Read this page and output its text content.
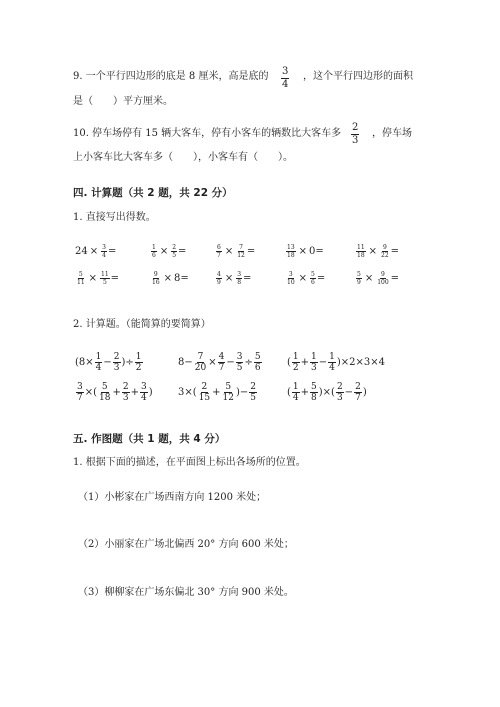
9. 一个平行四边形的底是 8 厘米，高是底的 $\frac{3}{4}$ ，这个平行四边形的面积
是（　　）平方厘米。
10. 停车场停有 15 辆大客车，停有小客车的辆数比大客车多 $\frac{2}{3}$ ，停车场
上小客车比大客车多（　　），小客车有（　　）。
四. 计算题（共 2 题，共 22 分）
1. 直接写出得数。
$24 \times \frac{3}{4}$ =	$\frac{1}{6} \times \frac{2}{5}$ =	$\frac{6}{7} \times \frac{7}{12}$ =	$\frac{13}{18} \times 0$ =	$\frac{11}{18} \times \frac{9}{22}$ =
$\frac{5}{11} \times \frac{11}{5}$ =	$\frac{9}{16} \times 8$ =	$\frac{4}{9} \times \frac{3}{8}$ =	$\frac{3}{10} \times \frac{5}{6}$ =	$\frac{5}{9} \times \frac{9}{100}$ =
2. 计算题。（能简算的要简算）
($8\times \frac{1}{4} - \frac{2}{3}$ )÷ $\frac{1}{2}$	$8- \frac{7}{20} \times \frac{4}{7} - \frac{3}{5} \div \frac{5}{6}$	( $\frac{1}{2} + \frac{1}{3} - \frac{1}{4} )\times 2\times 3\times 4$
$\frac{3}{7}$ ×( $\frac{5}{18} + \frac{2}{3} + \frac{3}{4}$ )	$3\times( \frac{2}{15} + \frac{5}{12}$ )− $\frac{2}{5}$	( $\frac{1}{4} + \frac{5}{8}$ )×( $\frac{2}{3} - \frac{2}{7}$ )
五. 作图题（共 1 题，共 4 分）
1. 根据下面的描述，在平面图上标出各场所的位置。
（1）小彬家在广场西南方向 1200 米处；
（2）小丽家在广场北偏西 20° 方向 600 米处；
（3）柳柳家在广场东偏北 30° 方向 900 米处。
